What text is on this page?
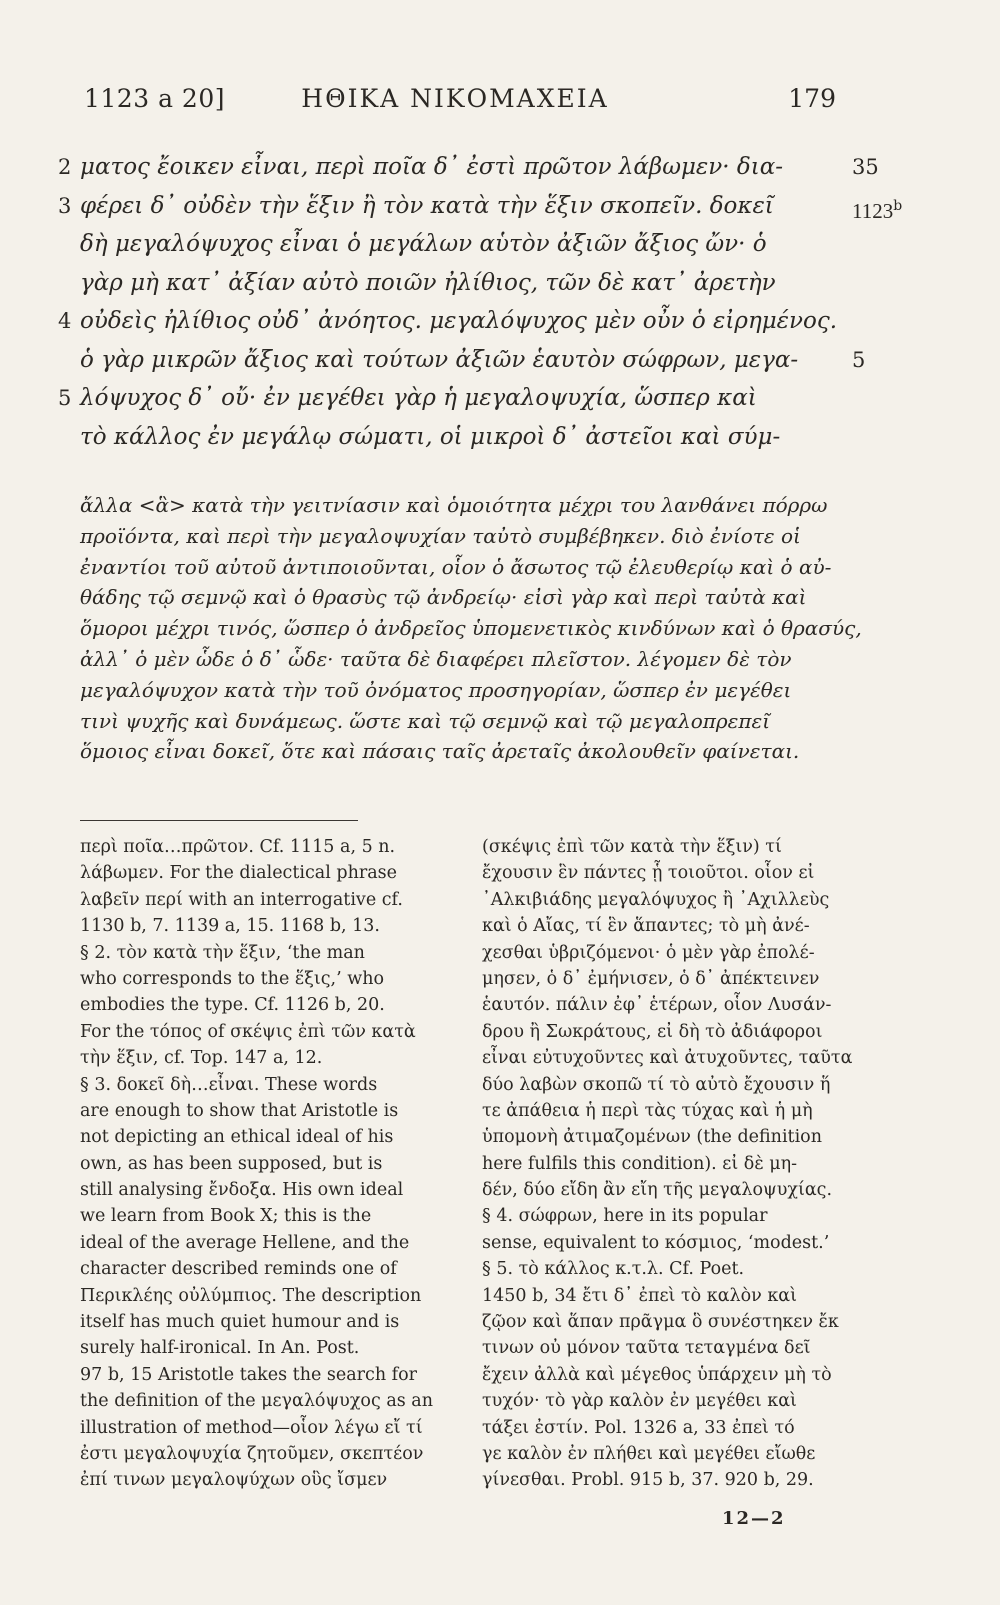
1123 a 20]	ΗΘΙΚΑ ΝΙΚΟΜΑΧΕΙΑ	179
2 ματος ἔοικεν εἶναι, περὶ ποῖα δ᾽ ἐστὶ πρῶτον λάβωμεν· δια-	35
3 φέρει δ᾽ οὐδὲν τὴν ἕξιν ἢ τὸν κατὰ τὴν ἕξιν σκοπεῖν. δοκεῖ	1123$^b$
δὴ μεγαλόψυχος εἶναι ὁ μεγάλων αὑτὸν ἀξιῶν ἄξιος ὤν· ὁ
γὰρ μὴ κατ᾽ ἀξίαν αὐτὸ ποιῶν ἠλίθιος, τῶν δὲ κατ᾽ ἀρετὴν
4 οὐδεὶς ἠλίθιος οὐδ᾽ ἀνόητος. μεγαλόψυχος μὲν οὖν ὁ εἰρημένος.
ὁ γὰρ μικρῶν ἄξιος καὶ τούτων ἀξιῶν ἑαυτὸν σώφρων, μεγα-	5
5 λόψυχος δ᾽ οὔ· ἐν μεγέθει γὰρ ἡ μεγαλοψυχία, ὥσπερ καὶ
τὸ κάλλος ἐν μεγάλῳ σώματι, οἱ μικροὶ δ᾽ ἀστεῖοι καὶ σύμ-
ἄλλα <ἃ> κατὰ τὴν γειτνίασιν καὶ ὁμοιότητα μέχρι του λανθάνει πόρρω
προϊόντα, καὶ περὶ τὴν μεγαλοψυχίαν ταὐτὸ συμβέβηκεν. διὸ ἐνίοτε οἱ
ἐναντίοι τοῦ αὐτοῦ ἀντιποιοῦνται, οἷον ὁ ἄσωτος τῷ ἐλευθερίῳ καὶ ὁ αὐ-
θάδης τῷ σεμνῷ καὶ ὁ θρασὺς τῷ ἀνδρείῳ· εἰσὶ γὰρ καὶ περὶ ταὐτὰ καὶ
ὅμοροι μέχρι τινός, ὥσπερ ὁ ἀνδρεῖος ὑπομενετικὸς κινδύνων καὶ ὁ θρασύς,
ἀλλ᾽ ὁ μὲν ὧδε ὁ δ᾽ ὧδε· ταῦτα δὲ διαφέρει πλεῖστον. λέγομεν δὲ τὸν
μεγαλόψυχον κατὰ τὴν τοῦ ὀνόματος προσηγορίαν, ὥσπερ ἐν μεγέθει
τινὶ ψυχῆς καὶ δυνάμεως. ὥστε καὶ τῷ σεμνῷ καὶ τῷ μεγαλοπρεπεῖ
ὅμοιος εἶναι δοκεῖ, ὅτε καὶ πάσαις ταῖς ἀρεταῖς ἀκολουθεῖν φαίνεται.
περὶ ποῖα…πρῶτον. Cf. 1115 a, 5 n.
λάβωμεν. For the dialectical phrase
λαβεῖν περί with an interrogative cf.
1130 b, 7. 1139 a, 15. 1168 b, 13.
§ 2. τὸν κατὰ τὴν ἕξιν, ‘the man
who corresponds to the ἕξις,’ who
embodies the type. Cf. 1126 b, 20.
For the τόπος of σκέψις ἐπὶ τῶν κατὰ
τὴν ἕξιν, cf. Top. 147 a, 12.
§ 3. δοκεῖ δὴ…εἶναι. These words
are enough to show that Aristotle is
not depicting an ethical ideal of his
own, as has been supposed, but is
still analysing ἔνδοξα. His own ideal
we learn from Book X; this is the
ideal of the average Hellene, and the
character described reminds one of
Περικλέης οὐλύμπιος. The description
itself has much quiet humour and is
surely half-ironical. In An. Post.
97 b, 15 Aristotle takes the search for
the definition of the μεγαλόψυχος as an
illustration of method—οἷον λέγω εἴ τί
ἐστι μεγαλοψυχία ζητοῦμεν, σκεπτέον
ἐπί τινων μεγαλοψύχων οὓς ἴσμεν
(σκέψις ἐπὶ τῶν κατὰ τὴν ἕξιν) τί
ἔχουσιν ἓν πάντες ᾗ τοιοῦτοι. οἷον εἰ
᾽Αλκιβιάδης μεγαλόψυχος ἢ ᾽Αχιλλεὺς
καὶ ὁ Αἴας, τί ἓν ἅπαντες; τὸ μὴ ἀνέ-
χεσθαι ὑβριζόμενοι· ὁ μὲν γὰρ ἐπολέ-
μησεν, ὁ δ᾽ ἐμήνισεν, ὁ δ᾽ ἀπέκτεινεν
ἑαυτόν. πάλιν ἐφ᾽ ἑτέρων, οἷον Λυσάν-
δρου ἢ Σωκράτους, εἰ δὴ τὸ ἀδιάφοροι
εἶναι εὐτυχοῦντες καὶ ἀτυχοῦντες, ταῦτα
δύο λαβὼν σκοπῶ τί τὸ αὐτὸ ἔχουσιν ἥ
τε ἀπάθεια ἡ περὶ τὰς τύχας καὶ ἡ μὴ
ὑπομονὴ ἀτιμαζομένων (the definition
here fulfils this condition). εἰ δὲ μη-
δέν, δύο εἴδη ἂν εἴη τῆς μεγαλοψυχίας.
§ 4. σώφρων, here in its popular
sense, equivalent to κόσμιος, ‘modest.’
§ 5. τὸ κάλλος κ.τ.λ. Cf. Poet.
1450 b, 34 ἔτι δ᾽ ἐπεὶ τὸ καλὸν καὶ
ζῷον καὶ ἅπαν πρᾶγμα ὃ συνέστηκεν ἔκ
τινων οὐ μόνον ταῦτα τεταγμένα δεῖ
ἔχειν ἀλλὰ καὶ μέγεθος ὑπάρχειν μὴ τὸ
τυχόν· τὸ γὰρ καλὸν ἐν μεγέθει καὶ
τάξει ἐστίν. Pol. 1326 a, 33 ἐπεὶ τό
γε καλὸν ἐν πλήθει καὶ μεγέθει εἴωθε
γίνεσθαι. Probl. 915 b, 37. 920 b, 29.
12—2
